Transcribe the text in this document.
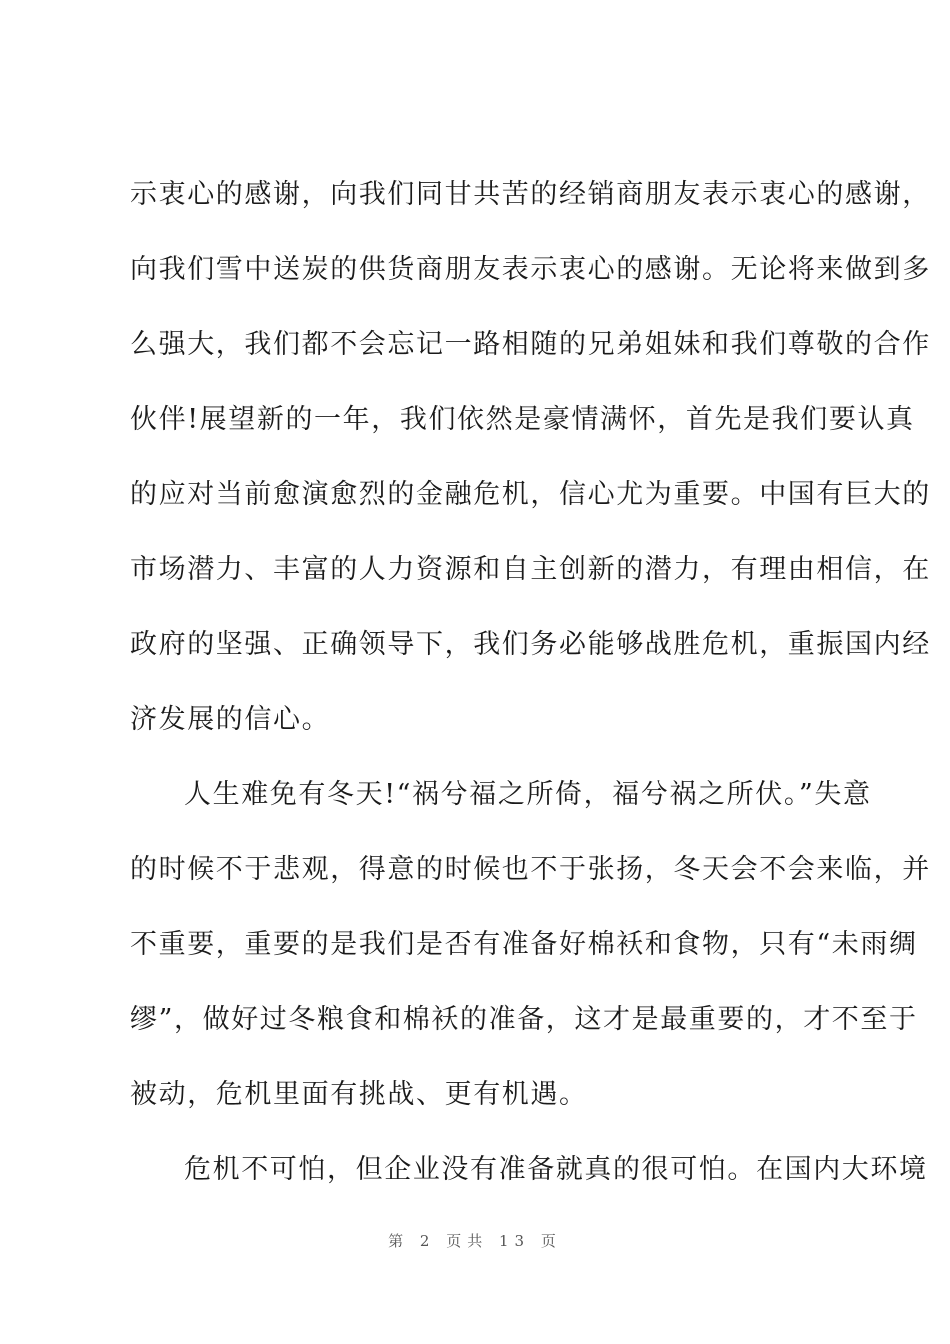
示衷心的感谢，向我们同甘共苦的经销商朋友表示衷心的感谢，
向我们雪中送炭的供货商朋友表示衷心的感谢。无论将来做到多
么强大，我们都不会忘记一路相随的兄弟姐妹和我们尊敬的合作
伙伴!展望新的一年，我们依然是豪情满怀，首先是我们要认真
的应对当前愈演愈烈的金融危机，信心尤为重要。中国有巨大的
市场潜力、丰富的人力资源和自主创新的潜力，有理由相信，在
政府的坚强、正确领导下，我们务必能够战胜危机，重振国内经
济发展的信心。
人生难免有冬天!“祸兮福之所倚，福兮祸之所伏。”失意
的时候不于悲观，得意的时候也不于张扬，冬天会不会来临，并
不重要，重要的是我们是否有准备好棉袄和食物，只有“未雨绸
缪”，做好过冬粮食和棉袄的准备，这才是最重要的，才不至于
被动，危机里面有挑战、更有机遇。
危机不可怕，但企业没有准备就真的很可怕。在国内大环境
第 2 页共 13 页
